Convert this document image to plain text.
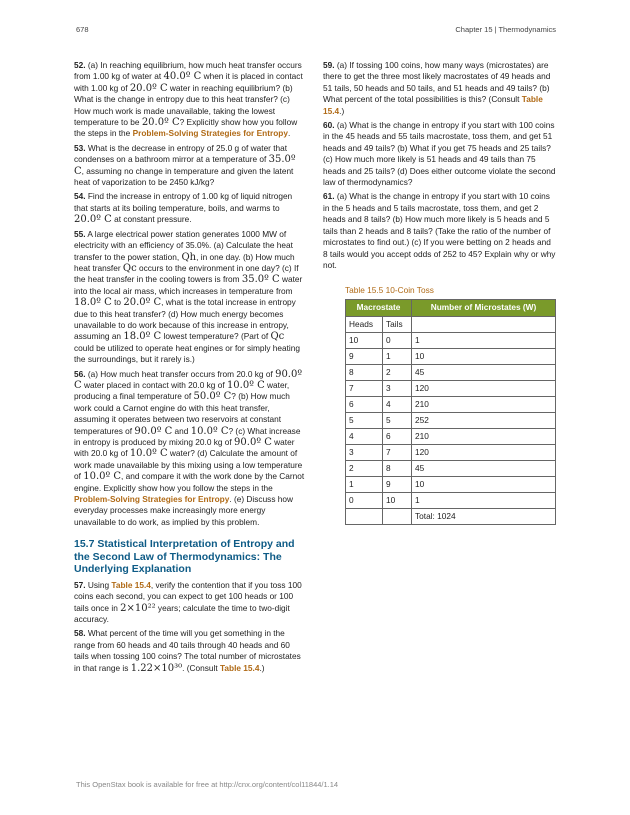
678	Chapter 15 | Thermodynamics

52. (a) In reaching equilibrium, how much heat transfer occurs from 1.00 kg of water at 40.0º C when it is placed in contact with 1.00 kg of 20.0º C water in reaching equilibrium? (b) What is the change in entropy due to this heat transfer? (c) How much work is made unavailable, taking the lowest temperature to be 20.0º C? Explicitly show how you follow the steps in the Problem-Solving Strategies for Entropy.

53. What is the decrease in entropy of 25.0 g of water that condenses on a bathroom mirror at a temperature of 35.0º C, assuming no change in temperature and given the latent heat of vaporization to be 2450 kJ/kg?

54. Find the increase in entropy of 1.00 kg of liquid nitrogen that starts at its boiling temperature, boils, and warms to 20.0º C at constant pressure.

55. A large electrical power station generates 1000 MW of electricity with an efficiency of 35.0%. (a) Calculate the heat transfer to the power station, Qh, in one day. (b) How much heat transfer Qc occurs to the environment in one day? (c) If the heat transfer in the cooling towers is from 35.0º C water into the local air mass, which increases in temperature from 18.0º C to 20.0º C, what is the total increase in entropy due to this heat transfer? (d) How much energy becomes unavailable to do work because of this increase in entropy, assuming an 18.0º C lowest temperature? (Part of Qc could be utilized to operate heat engines or for simply heating the surroundings, but it rarely is.)

56. (a) How much heat transfer occurs from 20.0 kg of 90.0º C water placed in contact with 20.0 kg of 10.0º C water, producing a final temperature of 50.0º C? (b) How much work could a Carnot engine do with this heat transfer, assuming it operates between two reservoirs at constant temperatures of 90.0º C and 10.0º C? (c) What increase in entropy is produced by mixing 20.0 kg of 90.0º C water with 20.0 kg of 10.0º C water? (d) Calculate the amount of work made unavailable by this mixing using a low temperature of 10.0º C, and compare it with the work done by the Carnot engine. Explicitly show how you follow the steps in the Problem-Solving Strategies for Entropy. (e) Discuss how everyday processes make increasingly more energy unavailable to do work, as implied by this problem.

15.7 Statistical Interpretation of Entropy and the Second Law of Thermodynamics: The Underlying Explanation

57. Using Table 15.4, verify the contention that if you toss 100 coins each second, you can expect to get 100 heads or 100 tails once in 2×10²² years; calculate the time to two-digit accuracy.

58. What percent of the time will you get something in the range from 60 heads and 40 tails through 40 heads and 60 tails when tossing 100 coins? The total number of microstates in that range is 1.22×10³⁰. (Consult Table 15.4.)

59. (a) If tossing 100 coins, how many ways (microstates) are there to get the three most likely macrostates of 49 heads and 51 tails, 50 heads and 50 tails, and 51 heads and 49 tails? (b) What percent of the total possibilities is this? (Consult Table 15.4.)

60. (a) What is the change in entropy if you start with 100 coins in the 45 heads and 55 tails macrostate, toss them, and get 51 heads and 49 tails? (b) What if you get 75 heads and 25 tails? (c) How much more likely is 51 heads and 49 tails than 75 heads and 25 tails? (d) Does either outcome violate the second law of thermodynamics?

61. (a) What is the change in entropy if you start with 10 coins in the 5 heads and 5 tails macrostate, toss them, and get 2 heads and 8 tails? (b) How much more likely is 5 heads and 5 tails than 2 heads and 8 tails? (Take the ratio of the number of microstates to find out.) (c) If you were betting on 2 heads and 8 tails would you accept odds of 252 to 45? Explain why or why not.

Table 15.5 10-Coin Toss
Macrostate		Number of Microstates (W)
Heads	Tails	
10	0	1
9	1	10
8	2	45
7	3	120
6	4	210
5	5	252
4	6	210
3	7	120
2	8	45
1	9	10
0	10	1
		Total: 1024
This OpenStax book is available for free at http://cnx.org/content/col11844/1.14
